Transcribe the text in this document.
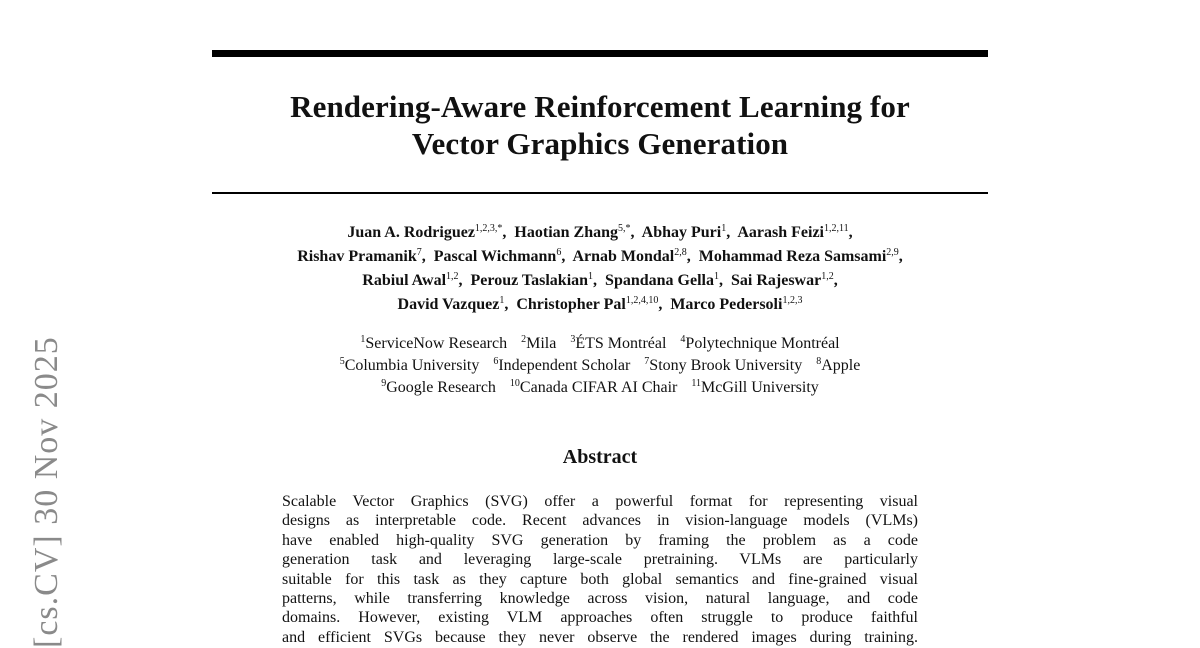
Rendering-Aware Reinforcement Learning for
Vector Graphics Generation
Juan A. Rodriguez$^{1,2,3,*}$,  Haotian Zhang$^{5,*}$,  Abhay Puri$^1$,  Aarash Feizi$^{1,2,11}$,
Rishav Pramanik$^7$,  Pascal Wichmann$^6$,  Arnab Mondal$^{2,8}$,  Mohammad Reza Samsami$^{2,9}$,
Rabiul Awal$^{1,2}$,  Perouz Taslakian$^1$,  Spandana Gella$^1$,  Sai Rajeswar$^{1,2}$,
David Vazquez$^1$,  Christopher Pal$^{1,2,4,10}$,  Marco Pedersoli$^{1,2,3}$
$^1$ServiceNow Research $^2$Mila $^3$ÉTS Montréal $^4$Polytechnique Montréal
$^5$Columbia University $^6$Independent Scholar $^7$Stony Brook University $^8$Apple
$^9$Google Research $^{10}$Canada CIFAR AI Chair $^{11}$McGill University
Abstract
Scalable Vector Graphics (SVG) offer a powerful format for representing visual
designs as interpretable code. Recent advances in vision-language models (VLMs)
have enabled high-quality SVG generation by framing the problem as a code
generation task and leveraging large-scale pretraining. VLMs are particularly
suitable for this task as they capture both global semantics and fine-grained visual
patterns, while transferring knowledge across vision, natural language, and code
domains. However, existing VLM approaches often struggle to produce faithful
and efficient SVGs because they never observe the rendered images during training.
[cs.CV] 30 Nov 2025
